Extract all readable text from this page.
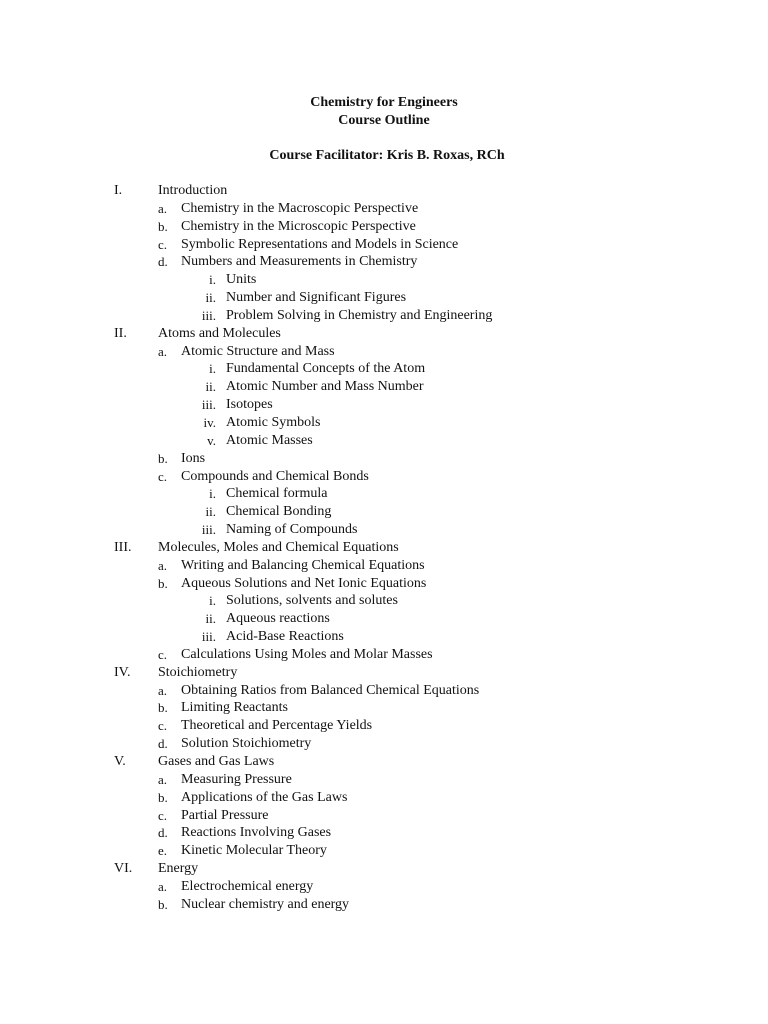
Chemistry for Engineers
Course Outline
Course Facilitator: Kris B. Roxas, RCh
I.	Introduction
a. Chemistry in the Macroscopic Perspective
b. Chemistry in the Microscopic Perspective
c. Symbolic Representations and Models in Science
d. Numbers and Measurements in Chemistry
i. Units
ii. Number and Significant Figures
iii. Problem Solving in Chemistry and Engineering
II. Atoms and Molecules
a. Atomic Structure and Mass
i. Fundamental Concepts of the Atom
ii. Atomic Number and Mass Number
iii. Isotopes
iv. Atomic Symbols
v. Atomic Masses
b. Ions
c. Compounds and Chemical Bonds
i. Chemical formula
ii. Chemical Bonding
iii. Naming of Compounds
III. Molecules, Moles and Chemical Equations
a. Writing and Balancing Chemical Equations
b. Aqueous Solutions and Net Ionic Equations
i. Solutions, solvents and solutes
ii. Aqueous reactions
iii. Acid-Base Reactions
c. Calculations Using Moles and Molar Masses
IV. Stoichiometry
a. Obtaining Ratios from Balanced Chemical Equations
b. Limiting Reactants
c. Theoretical and Percentage Yields
d. Solution Stoichiometry
V. Gases and Gas Laws
a. Measuring Pressure
b. Applications of the Gas Laws
c. Partial Pressure
d. Reactions Involving Gases
e. Kinetic Molecular Theory
VI. Energy
a. Electrochemical energy
b. Nuclear chemistry and energy
